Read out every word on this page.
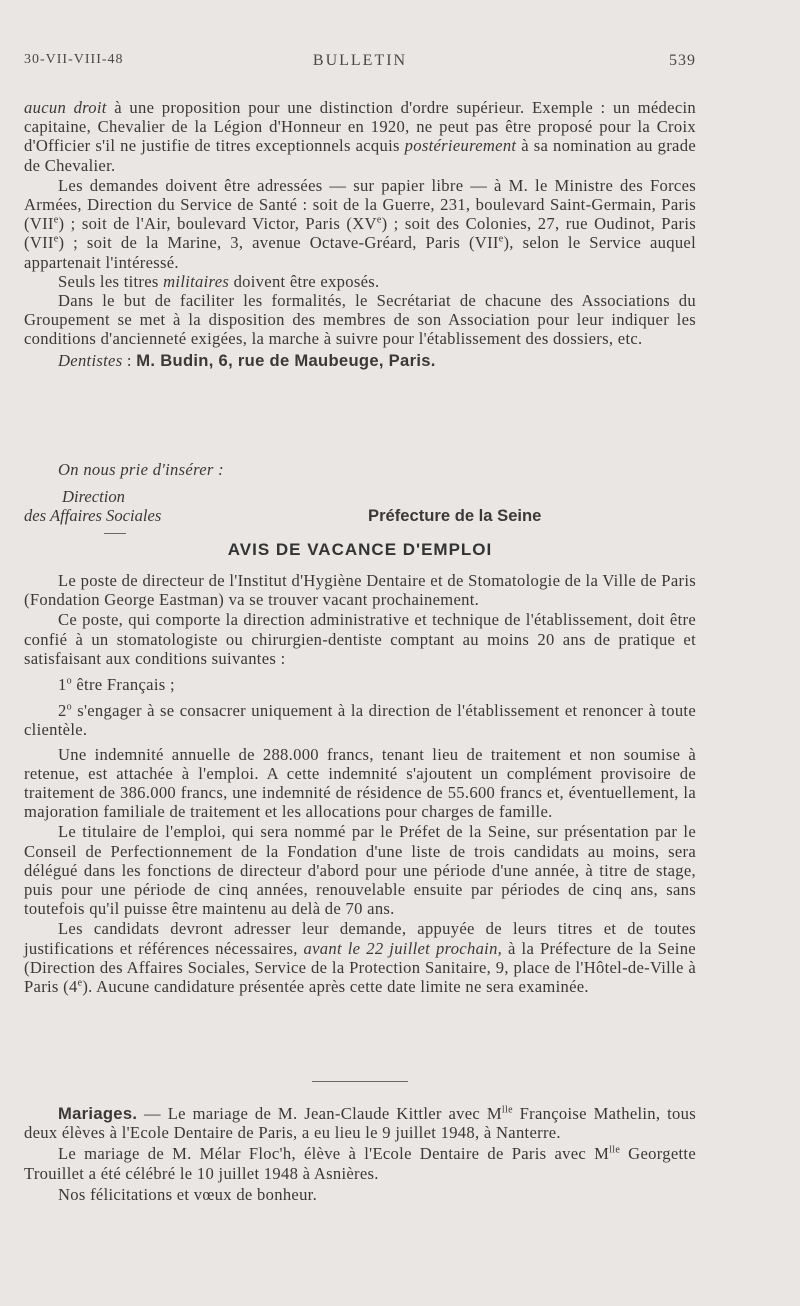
30-VII-VIII-48	BULLETIN	539

aucun droit à une proposition pour une distinction d'ordre supérieur. Exemple : un médecin capitaine, Chevalier de la Légion d'Honneur en 1920, ne peut pas être proposé pour la Croix d'Officier s'il ne justifie de titres exceptionnels acquis postérieurement à sa nomination au grade de Chevalier.

Les demandes doivent être adressées — sur papier libre — à M. le Ministre des Forces Armées, Direction du Service de Santé : soit de la Guerre, 231, boulevard Saint-Germain, Paris (VIIe) ; soit de l'Air, boulevard Victor, Paris (XVe) ; soit des Colonies, 27, rue Oudinot, Paris (VIIe) ; soit de la Marine, 3, avenue Octave-Gréard, Paris (VIIe), selon le Service auquel appartenait l'intéressé.

Seuls les titres militaires doivent être exposés.

Dans le but de faciliter les formalités, le Secrétariat de chacune des Associations du Groupement se met à la disposition des membres de son Association pour leur indiquer les conditions d'ancienneté exigées, la marche à suivre pour l'établissement des dossiers, etc.

Dentistes : M. Budin, 6, rue de Maubeuge, Paris.

On nous prie d'insérer :

Direction
des Affaires Sociales	Préfecture de la Seine
AVIS DE VACANCE D'EMPLOI

Le poste de directeur de l'Institut d'Hygiène Dentaire et de Stomatologie de la Ville de Paris (Fondation George Eastman) va se trouver vacant prochainement.

Ce poste, qui comporte la direction administrative et technique de l'établissement, doit être confié à un stomatologiste ou chirurgien-dentiste comptant au moins 20 ans de pratique et satisfaisant aux conditions suivantes :

1$^o$ être Français ;

2$^o$ s'engager à se consacrer uniquement à la direction de l'établissement et renoncer à toute clientèle.

Une indemnité annuelle de 288.000 francs, tenant lieu de traitement et non soumise à retenue, est attachée à l'emploi. A cette indemnité s'ajoutent un complément provisoire de traitement de 386.000 francs, une indemnité de résidence de 55.600 francs et, éventuellement, la majoration familiale de traitement et les allocations pour charges de famille.

Le titulaire de l'emploi, qui sera nommé par le Préfet de la Seine, sur présentation par le Conseil de Perfectionnement de la Fondation d'une liste de trois candidats au moins, sera délégué dans les fonctions de directeur d'abord pour une période d'une année, à titre de stage, puis pour une période de cinq années, renouvelable ensuite par périodes de cinq ans, sans toutefois qu'il puisse être maintenu au delà de 70 ans.

Les candidats devront adresser leur demande, appuyée de leurs titres et de toutes justifications et références nécessaires, avant le 22 juillet prochain, à la Préfecture de la Seine (Direction des Affaires Sociales, Service de la Protection Sanitaire, 9, place de l'Hôtel-de-Ville à Paris (4e). Aucune candidature présentée après cette date limite ne sera examinée.

Mariages. — Le mariage de M. Jean-Claude Kittler avec $M^{lle}$ Françoise Mathelin, tous deux élèves à l'Ecole Dentaire de Paris, a eu lieu le 9 juillet 1948, à Nanterre.

Le mariage de M. Mélar Floc'h, élève à l'Ecole Dentaire de Paris avec $M^{lle}$ Georgette Trouillet a été célébré le 10 juillet 1948 à Asnières.

Nos félicitations et vœux de bonheur.
